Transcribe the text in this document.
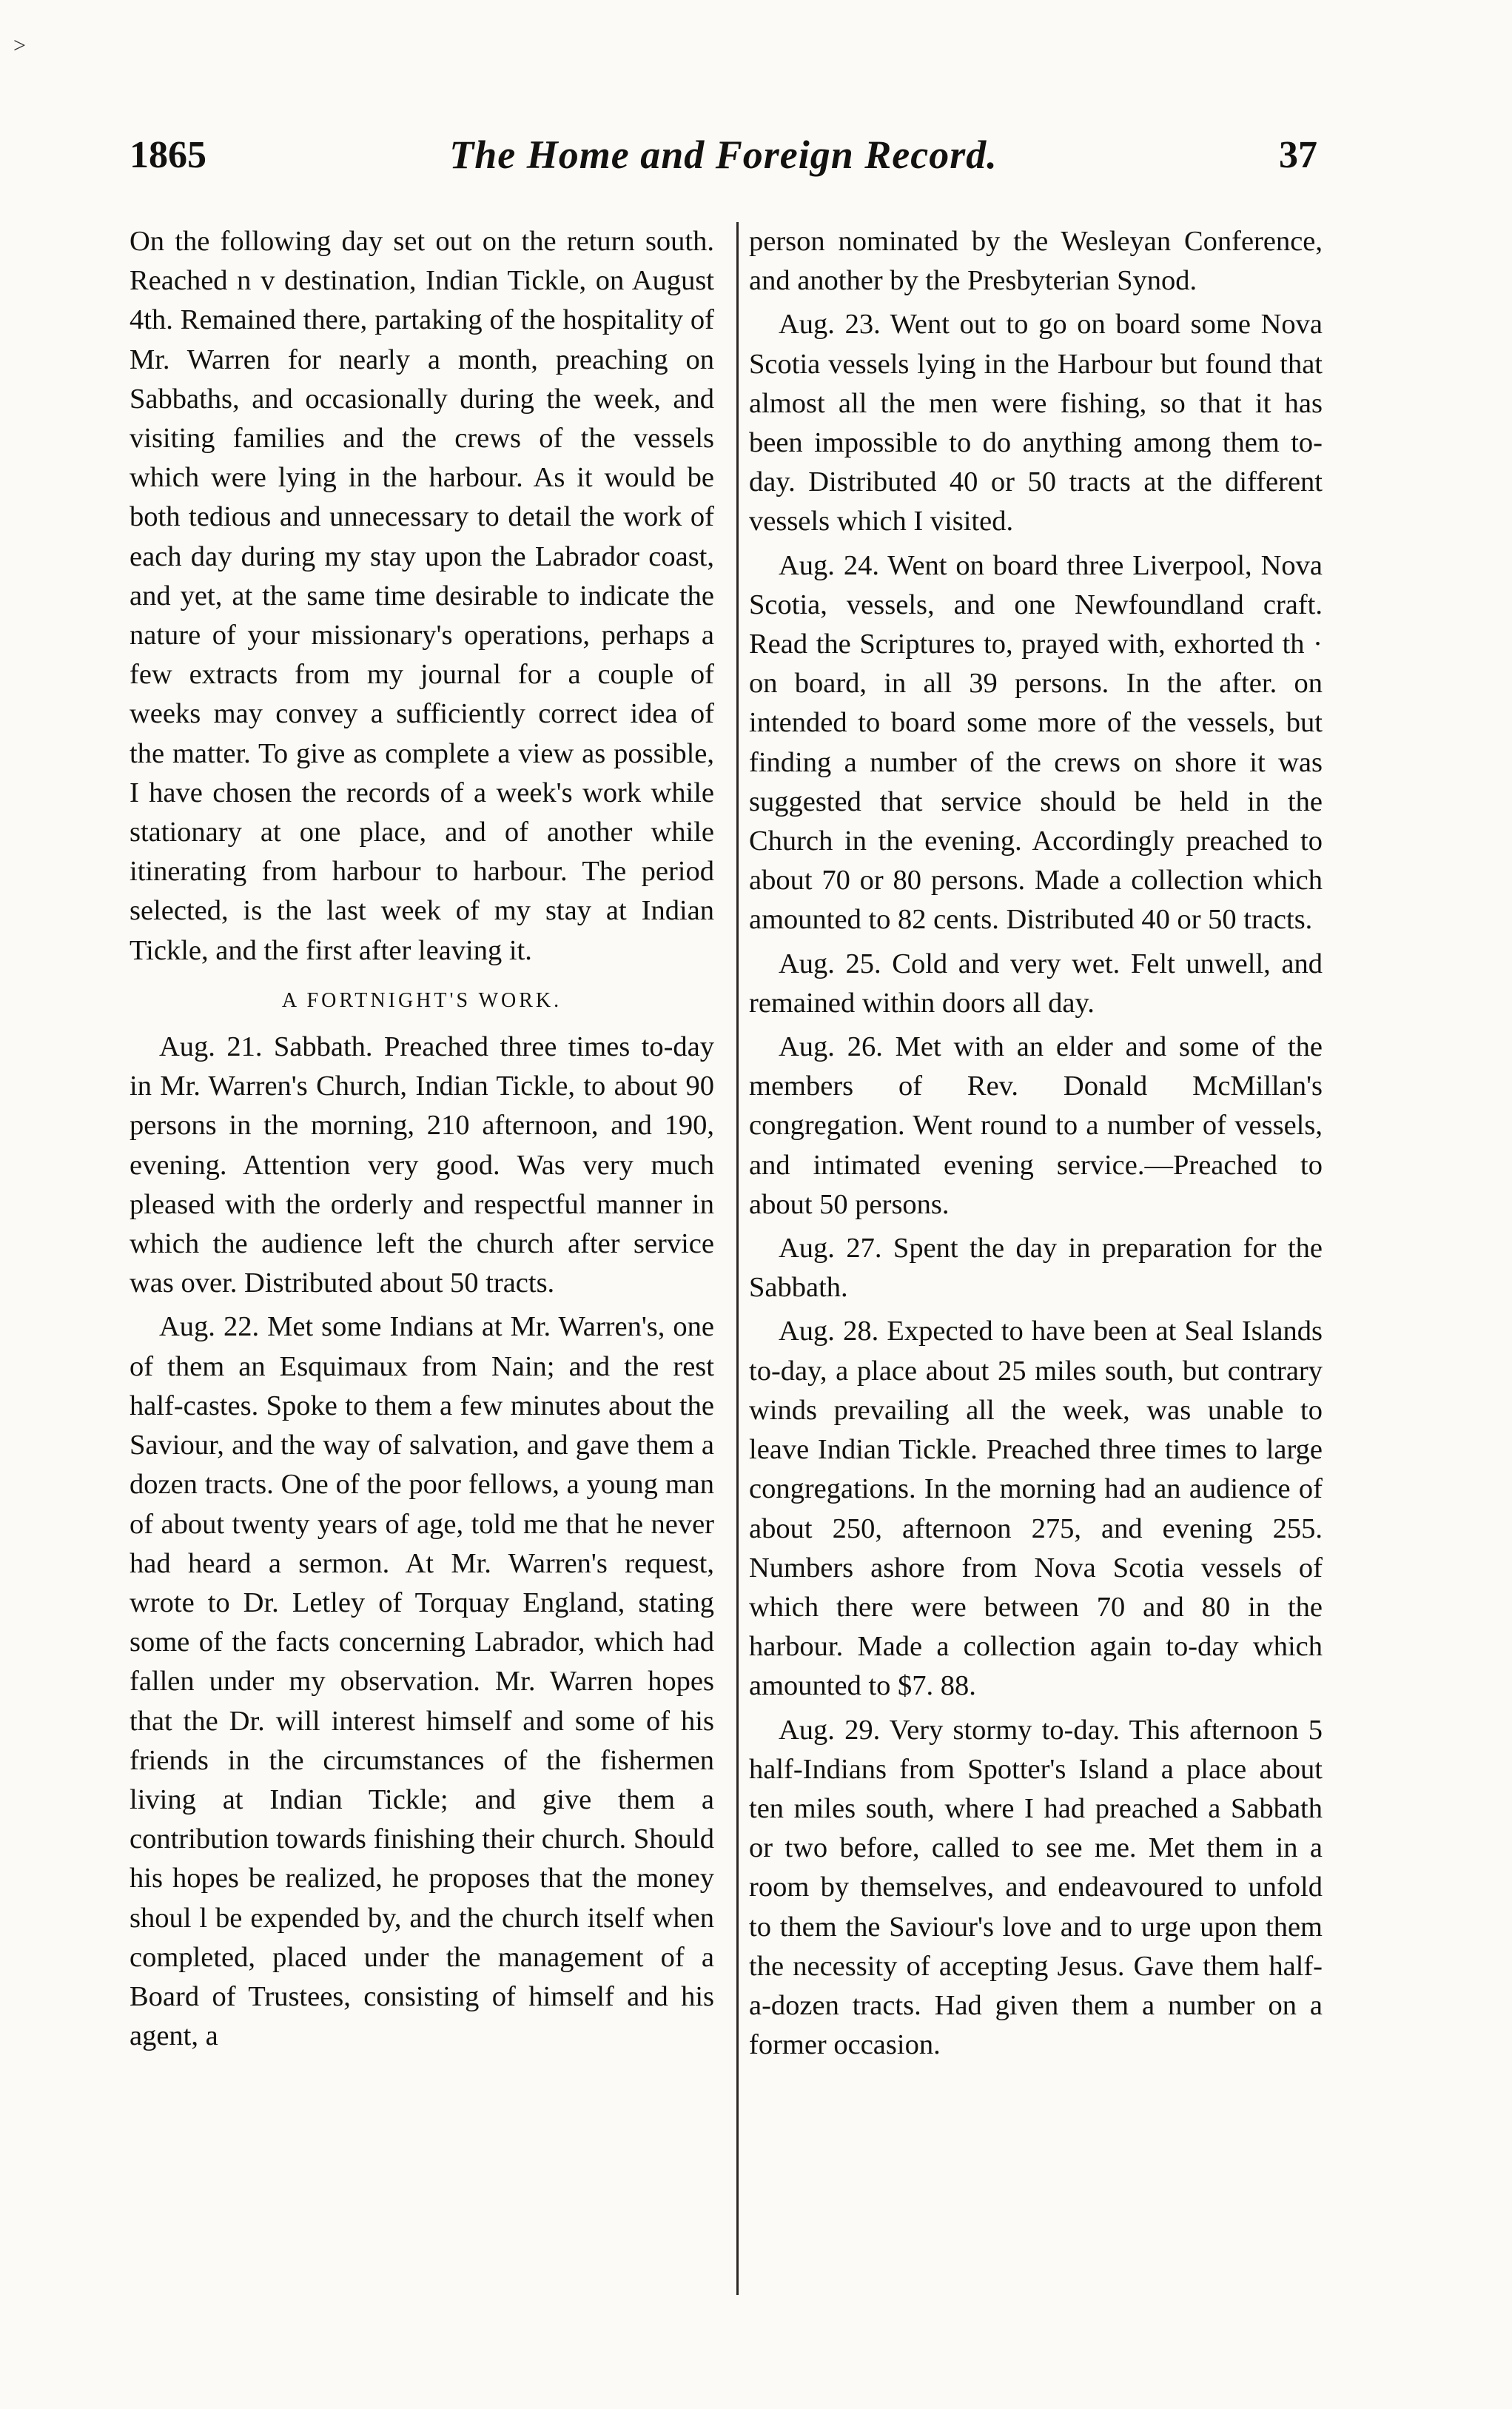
˃
1865	The Home and Foreign Record.	37

On the following day set out on the return south. Reached n v destination, Indian Tickle, on August 4th. Remained there, partaking of the hospitality of Mr. Warren for nearly a month, preaching on Sabbaths, and occasionally during the week, and visiting families and the crews of the vessels which were lying in the harbour. As it would be both tedious and unnecessary to detail the work of each day during my stay upon the Labrador coast, and yet, at the same time desirable to indicate the nature of your missionary's operations, perhaps a few extracts from my journal for a couple of weeks may convey a sufficiently correct idea of the matter. To give as complete a view as possible, I have chosen the records of a week's work while stationary at one place, and of another while itinerating from harbour to harbour. The period selected, is the last week of my stay at Indian Tickle, and the first after leaving it.

A FORTNIGHT'S WORK.

Aug. 21. Sabbath. Preached three times to-day in Mr. Warren's Church, Indian Tickle, to about 90 persons in the morning, 210 afternoon, and 190, evening. Attention very good. Was very much pleased with the orderly and respectful manner in which the audience left the church after service was over. Distributed about 50 tracts.

Aug. 22. Met some Indians at Mr. Warren's, one of them an Esquimaux from Nain; and the rest half-castes. Spoke to them a few minutes about the Saviour, and the way of salvation, and gave them a dozen tracts. One of the poor fellows, a young man of about twenty years of age, told me that he never had heard a sermon. At Mr. Warren's request, wrote to Dr. Letley of Torquay England, stating some of the facts concerning Labrador, which had fallen under my observation. Mr. Warren hopes that the Dr. will interest himself and some of his friends in the circumstances of the fishermen living at Indian Tickle; and give them a contribution towards finishing their church. Should his hopes be realized, he proposes that the money shoul l be expended by, and the church itself when completed, placed under the management of a Board of Trustees, consisting of himself and his agent, a

person nominated by the Wesleyan Conference, and another by the Presbyterian Synod.

Aug. 23. Went out to go on board some Nova Scotia vessels lying in the Harbour but found that almost all the men were fishing, so that it has been impossible to do anything among them to-day. Distributed 40 or 50 tracts at the different vessels which I visited.

Aug. 24. Went on board three Liverpool, Nova Scotia, vessels, and one Newfoundland craft. Read the Scriptures to, prayed with, exhorted th · on board, in all 39 persons. In the after. on intended to board some more of the vessels, but finding a number of the crews on shore it was suggested that service should be held in the Church in the evening. Accordingly preached to about 70 or 80 persons. Made a collection which amounted to 82 cents. Distributed 40 or 50 tracts.

Aug. 25. Cold and very wet. Felt unwell, and remained within doors all day.

Aug. 26. Met with an elder and some of the members of Rev. Donald McMillan's congregation. Went round to a number of vessels, and intimated evening service.—Preached to about 50 persons.

Aug. 27. Spent the day in preparation for the Sabbath.

Aug. 28. Expected to have been at Seal Islands to-day, a place about 25 miles south, but contrary winds prevailing all the week, was unable to leave Indian Tickle. Preached three times to large congregations. In the morning had an audience of about 250, afternoon 275, and evening 255. Numbers ashore from Nova Scotia vessels of which there were between 70 and 80 in the harbour. Made a collection again to-day which amounted to $7. 88.

Aug. 29. Very stormy to-day. This afternoon 5 half-Indians from Spotter's Island a place about ten miles south, where I had preached a Sabbath or two before, called to see me. Met them in a room by themselves, and endeavoured to unfold to them the Saviour's love and to urge upon them the necessity of accepting Jesus. Gave them half-a-dozen tracts. Had given them a number on a former occasion.
